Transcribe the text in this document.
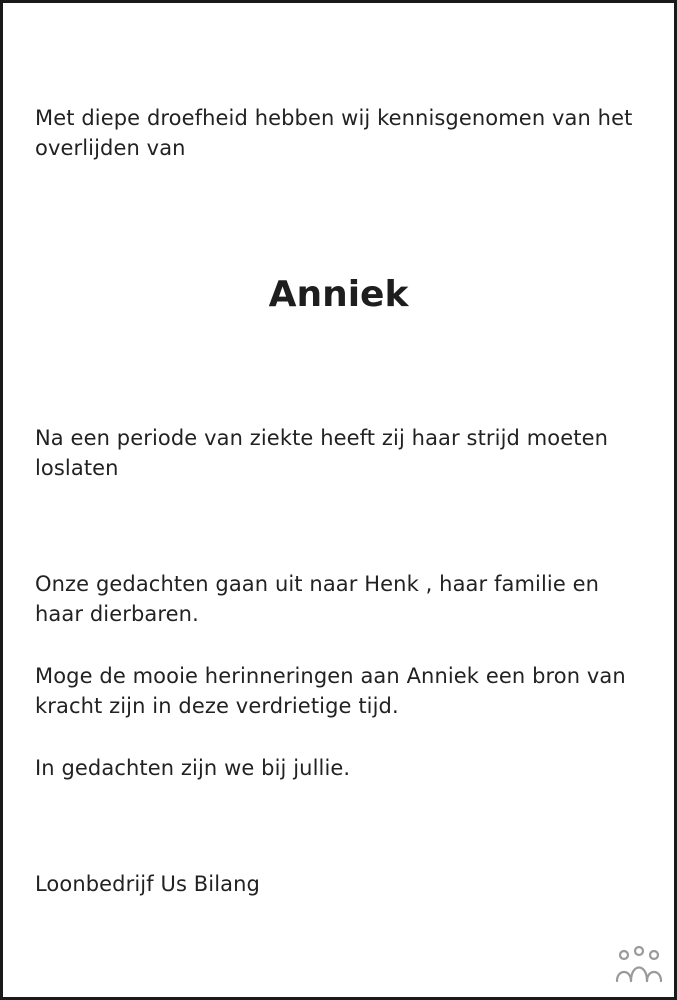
Met diepe droefheid hebben wij kennisgenomen van het overlijden van

Anniek

Na een periode van ziekte heeft zij haar strijd moeten loslaten

Onze gedachten gaan uit naar Henk , haar familie en haar dierbaren.

Moge de mooie herinneringen aan Anniek een bron van kracht zijn in deze verdrietige tijd.

In gedachten zijn we bij jullie.

Loonbedrijf Us Bilang
